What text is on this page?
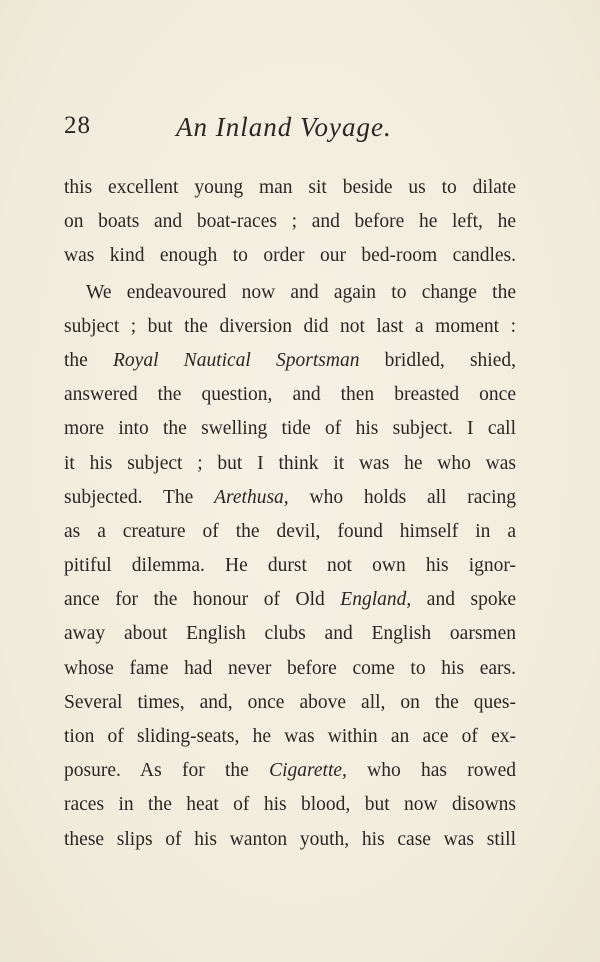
28	An Inland Voyage.
this excellent young man sit beside us to dilate
on boats and boat-races ; and before he left, he
was kind enough to order our bed-room candles.
We endeavoured now and again to change the
subject ; but the diversion did not last a moment :
the Royal Nautical Sportsman bridled, shied,
answered the question, and then breasted once
more into the swelling tide of his subject. I call
it his subject ; but I think it was he who was
subjected. The Arethusa, who holds all racing
as a creature of the devil, found himself in a
pitiful dilemma. He durst not own his ignor-
ance for the honour of Old England, and spoke
away about English clubs and English oarsmen
whose fame had never before come to his ears.
Several times, and, once above all, on the ques-
tion of sliding-seats, he was within an ace of ex-
posure. As for the Cigarette, who has rowed
races in the heat of his blood, but now disowns
these slips of his wanton youth, his case was still
